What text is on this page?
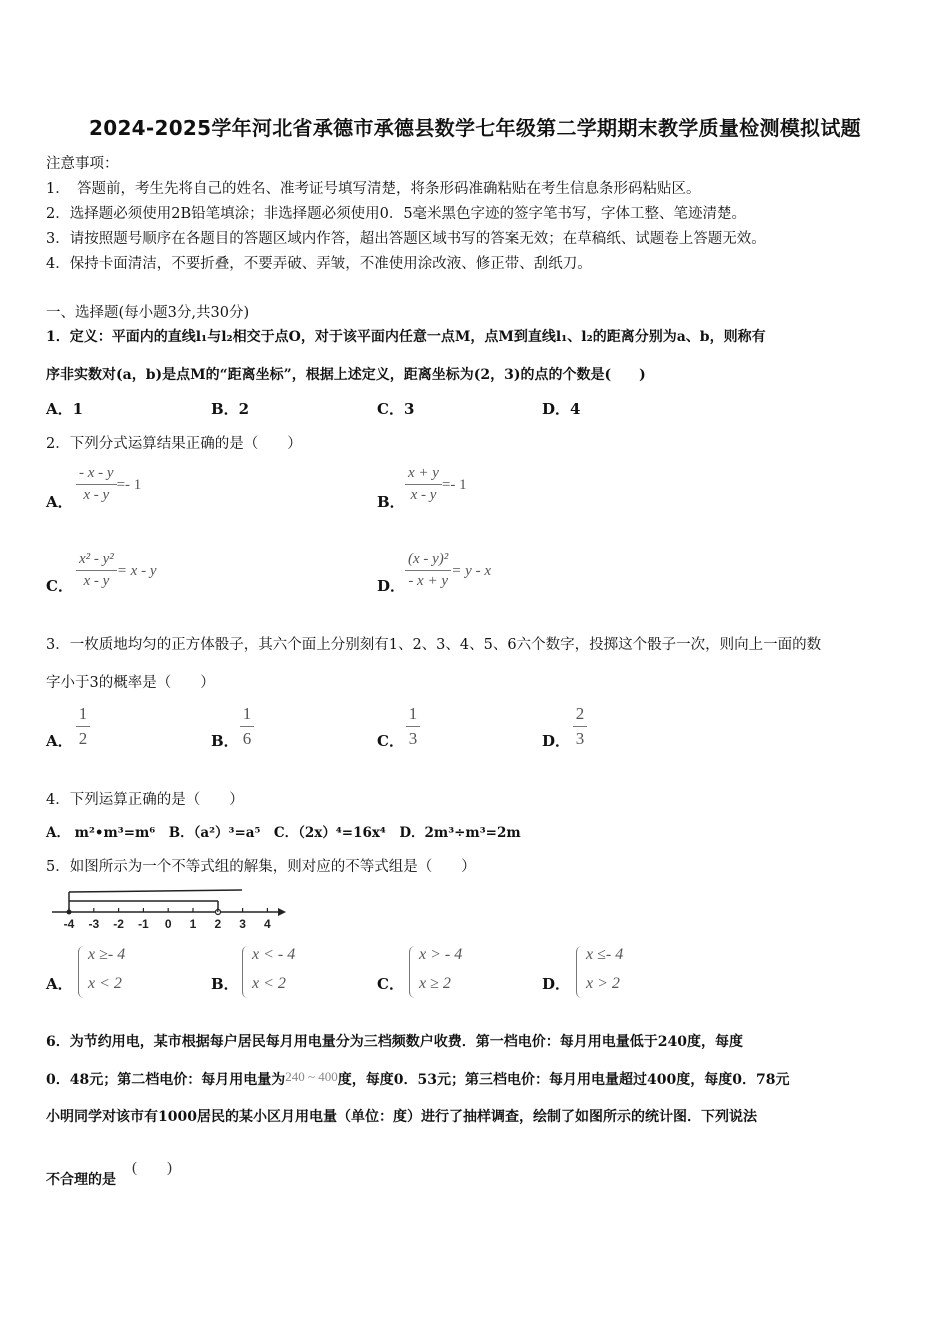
2024-2025学年河北省承德市承德县数学七年级第二学期期末教学质量检测模拟试题
注意事项：
1．　答题前，考生先将自己的姓名、准考证号填写清楚，将条形码准确粘贴在考生信息条形码粘贴区。
2．选择题必须使用2B铅笔填涂；非选择题必须使用0．5毫米黑色字迹的签字笔书写，字体工整、笔迹清楚。
3．请按照题号顺序在各题目的答题区域内作答，超出答题区域书写的答案无效；在草稿纸、试题卷上答题无效。
4．保持卡面清洁，不要折叠，不要弄破、弄皱，不准使用涂改液、修正带、刮纸刀。
一、选择题(每小题3分,共30分)
1．定义：平面内的直线l₁与l₂相交于点O，对于该平面内任意一点M，点M到直线l₁、l₂的距离分别为a、b，则称有
序非实数对(a，b)是点M的“距离坐标”，根据上述定义，距离坐标为(2，3)的点的个数是(　　)
A．1	B．2	C．3	D．4
2．下列分式运算结果正确的是（　　）
A． $\frac{- x - y}{x - y} =- 1$
B． $\frac{x + y}{x - y} =- 1$
C． $\frac{\text{x² - y²}}{x - y} = x - y$
D． $\frac{\text{(x - y)²}}{- x + y} = y - x$
3．一枚质地均匀的正方体骰子，其六个面上分别刻有1、2、3、4、5、6六个数字，投掷这个骰子一次，则向上一面的数
字小于3的概率是（　　）
A．
1
2	B．
1
6	C．
1
3	D．
2
3
4．下列运算正确的是（　　）
A． m²•m³=m⁶　B．（a²）³=a⁵　C．（2x）⁴=16x⁴　D．2m³÷m³=2m
5．如图所示为一个不等式组的解集，则对应的不等式组是（　　）
-4 -3 -2 -1 0 1 2 3 4
A．
x ≥- 4
x < 2	B．
x < - 4
x < 2	C．
x > - 4
x ≥ 2	D．
x ≤- 4
x > 2
6．为节约用电，某市根据每户居民每月用电量分为三档频数户收费．第一档电价：每月用电量低于240度，每度
0．48元；第二档电价：每月用电量为240 ~ 400度，每度0．53元；第三档电价：每月用电量超过400度，每度0．78元
小明同学对该市有1000居民的某小区月用电量（单位：度）进行了抽样调查，绘制了如图所示的统计图．下列说法
不合理的是
(　　)
